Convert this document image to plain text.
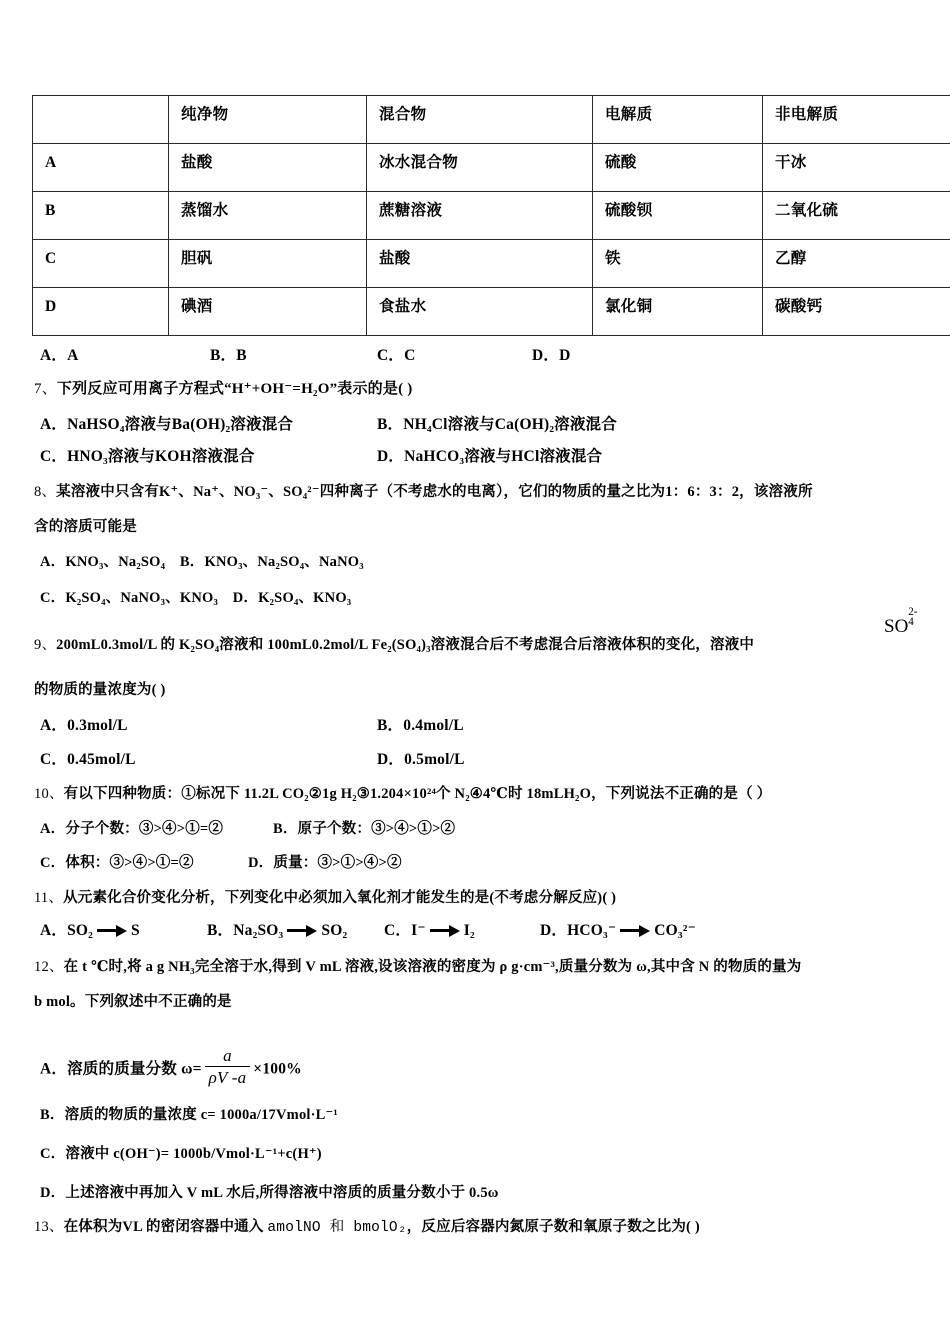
	纯净物	混合物	电解质	非电解质
A	盐酸	冰水混合物	硫酸	干冰
B	蒸馏水	蔗糖溶液	硫酸钡	二氧化硫
C	胆矾	盐酸	铁	乙醇
D	碘酒	食盐水	氯化铜	碳酸钙
A．A	B．B	C．C	D．D
7、下列反应可用离子方程式“H⁺+OH⁻=H₂O”表示的是( )
A．NaHSO₄溶液与Ba(OH)₂溶液混合	B．NH₄Cl溶液与Ca(OH)₂溶液混合
C．HNO₃溶液与KOH溶液混合	D．NaHCO₃溶液与HCl溶液混合
8、某溶液中只含有K⁺、Na⁺、NO₃⁻、SO₄²⁻四种离子（不考虑水的电离），它们的物质的量之比为1：6：3：2，该溶液所
含的溶质可能是
A．KNO₃、Na₂SO₄　B．KNO₃、Na₂SO₄、NaNO₃
C．K₂SO₄、NaNO₃、KNO₃　D．K₂SO₄、KNO₃
9、200mL0.3mol/L 的 K₂SO₄溶液和 100mL0.2mol/L Fe₂(SO₄)₃溶液混合后不考虑混合后溶液体积的变化，溶液中
SO
2-
4
的物质的量浓度为( )
A．0.3mol/L	B．0.4mol/L
C．0.45mol/L	D．0.5mol/L
10、有以下四种物质：①标况下 11.2L CO₂②1g H₂③1.204×10²⁴个 N₂④4℃时 18mLH₂O，下列说法不正确的是（ ）
A．分子个数：③>④>①=②	B．原子个数：③>④>①>②
C．体积：③>④>①=②	D．质量：③>①>④>②
11、从元素化合价变化分析，下列变化中必须加入氧化剂才能发生的是(不考虑分解反应)( )
A．SO₂ S	B．Na₂SO₃ SO₂ C．I⁻ I₂	D．HCO₃⁻ CO₃²⁻
12、在 t ℃时,将 a g NH₃完全溶于水,得到 V mL 溶液,设该溶液的密度为 ρ g·cm⁻³,质量分数为 ω,其中含 N 的物质的量为
b mol。下列叙述中不正确的是
A．溶质的质量分数 $\omega= \frac{a}{\rho V -a} \times 100\%$
B．溶质的物质的量浓度 c= 1000a/17Vmol·L⁻¹
C．溶液中 c(OH⁻)= 1000b/Vmol·L⁻¹+c(H⁺)
D．上述溶液中再加入 V mL 水后,所得溶液中溶质的质量分数小于 0.5ω
13、在体积为VL 的密闭容器中通入 amolNO 和 bmolO₂，反应后容器内氮原子数和氧原子数之比为( )
